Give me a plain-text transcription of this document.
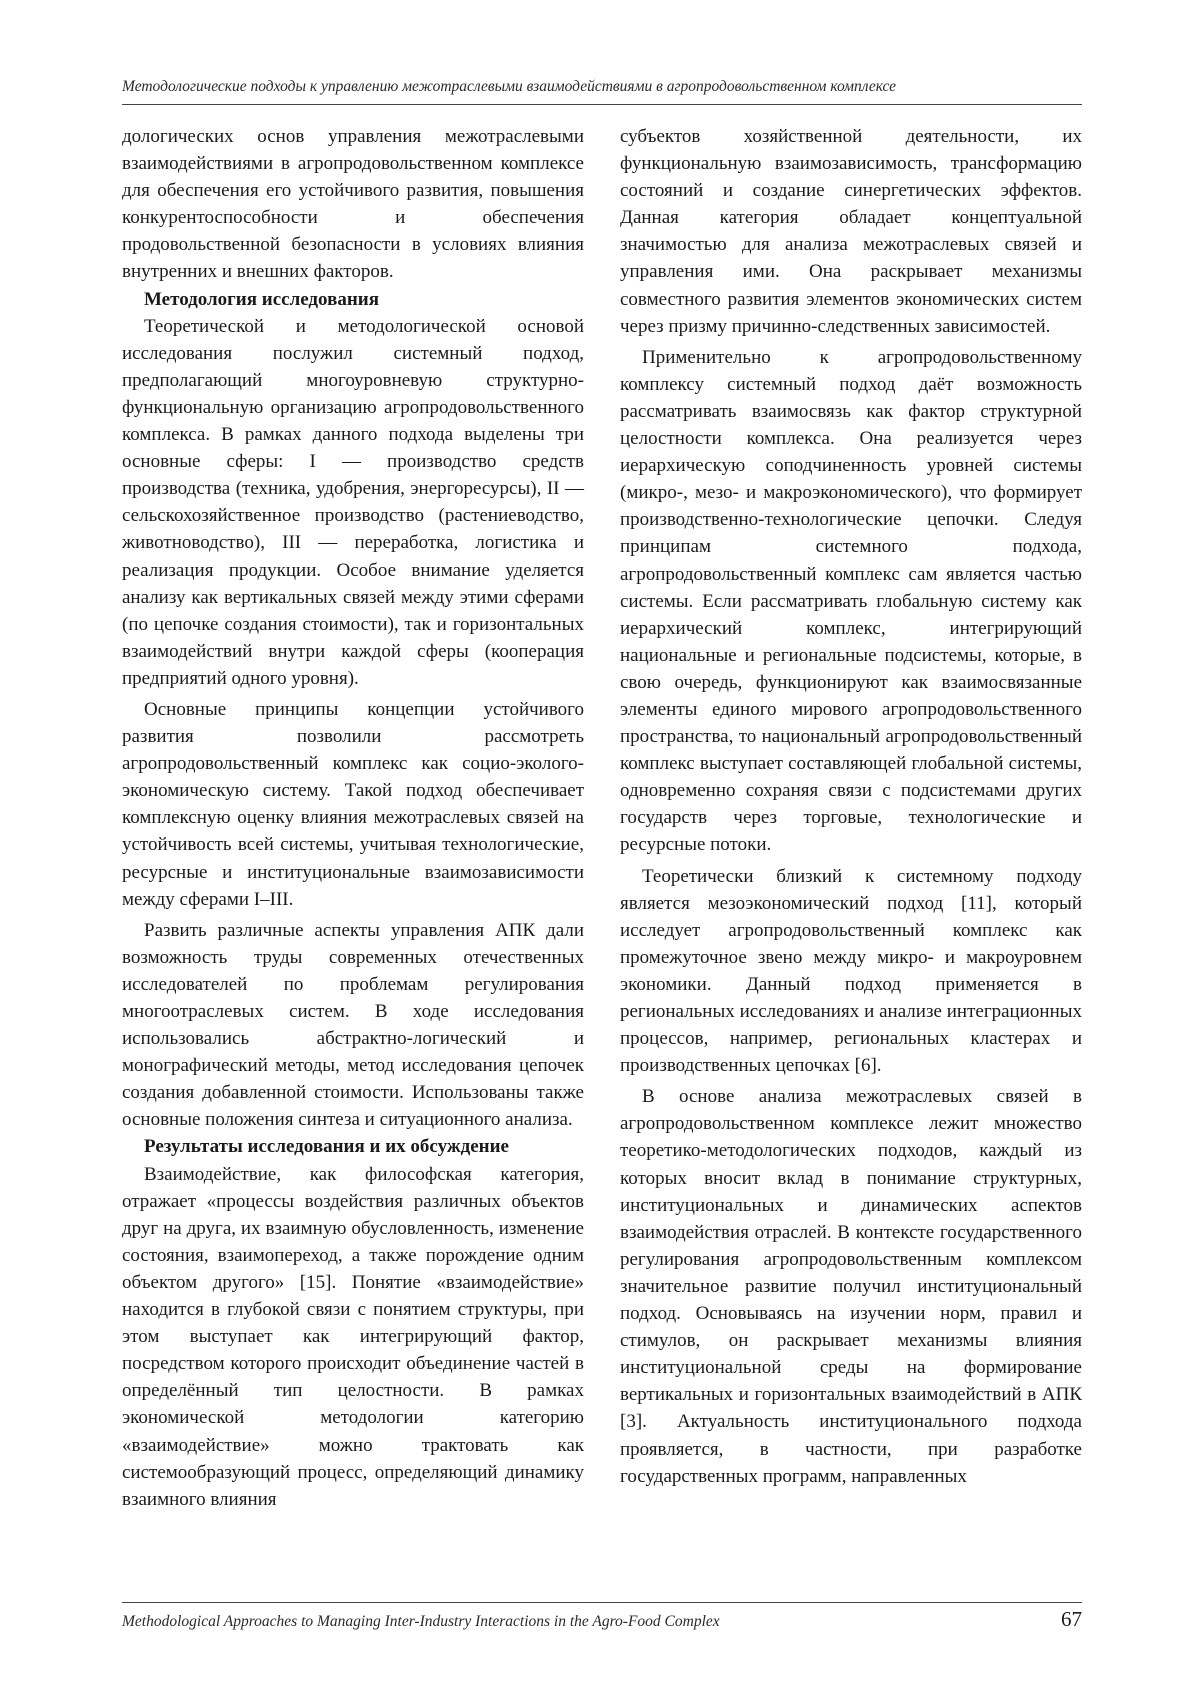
Методологические подходы к управлению межотраслевыми взаимодействиями в агропродовольственном комплексе

дологических основ управления межотраслевыми взаимодействиями в агропродовольственном комплексе для обеспечения его устойчивого развития, повышения конкурентоспособности и обеспечения продовольственной безопасности в условиях влияния внутренних и внешних факторов.

Методология исследования

Теоретической и методологической основой исследования послужил системный подход, предполагающий многоуровневую структурно-функциональную организацию агропродовольственного комплекса. В рамках данного подхода выделены три основные сферы: I — производство средств производства (техника, удобрения, энергоресурсы), II — сельскохозяйственное производство (растениеводство, животноводство), III — переработка, логистика и реализация продукции. Особое внимание уделяется анализу как вертикальных связей между этими сферами (по цепочке создания стоимости), так и горизонтальных взаимодействий внутри каждой сферы (кооперация предприятий одного уровня).

Основные принципы концепции устойчивого развития позволили рассмотреть агропродовольственный комплекс как социо-эколого-экономическую систему. Такой подход обеспечивает комплексную оценку влияния межотраслевых связей на устойчивость всей системы, учитывая технологические, ресурсные и институциональные взаимозависимости между сферами I–III.

Развить различные аспекты управления АПК дали возможность труды современных отечественных исследователей по проблемам регулирования многоотраслевых систем. В ходе исследования использовались абстрактно-логический и монографический методы, метод исследования цепочек создания добавленной стоимости. Использованы также основные положения синтеза и ситуационного анализа.

Результаты исследования и их обсуждение

Взаимодействие, как философская категория, отражает «процессы воздействия различных объектов друг на друга, их взаимную обусловленность, изменение состояния, взаимопереход, а также порождение одним объектом другого» [15]. Понятие «взаимодействие» находится в глубокой связи с понятием структуры, при этом выступает как интегрирующий фактор, посредством которого происходит объединение частей в определённый тип целостности. В рамках экономической методологии категорию «взаимодействие» можно трактовать как системообразующий процесс, определяющий динамику взаимного влияния

субъектов хозяйственной деятельности, их функциональную взаимозависимость, трансформацию состояний и создание синергетических эффектов. Данная категория обладает концептуальной значимостью для анализа межотраслевых связей и управления ими. Она раскрывает механизмы совместного развития элементов экономических систем через призму причинно-следственных зависимостей.

Применительно к агропродовольственному комплексу системный подход даёт возможность рассматривать взаимосвязь как фактор структурной целостности комплекса. Она реализуется через иерархическую соподчиненность уровней системы (микро-, мезо- и макроэкономического), что формирует производственно-технологические цепочки. Следуя принципам системного подхода, агропродовольственный комплекс сам является частью системы. Если рассматривать глобальную систему как иерархический комплекс, интегрирующий национальные и региональные подсистемы, которые, в свою очередь, функционируют как взаимосвязанные элементы единого мирового агропродовольственного пространства, то национальный агропродовольственный комплекс выступает составляющей глобальной системы, одновременно сохраняя связи с подсистемами других государств через торговые, технологические и ресурсные потоки.

Теоретически близкий к системному подходу является мезоэкономический подход [11], который исследует агропродовольственный комплекс как промежуточное звено между микро- и макроуровнем экономики. Данный подход применяется в региональных исследованиях и анализе интеграционных процессов, например, региональных кластерах и производственных цепочках [6].

В основе анализа межотраслевых связей в агропродовольственном комплексе лежит множество теоретико-методологических подходов, каждый из которых вносит вклад в понимание структурных, институциональных и динамических аспектов взаимодействия отраслей. В контексте государственного регулирования агропродовольственным комплексом значительное развитие получил институциональный подход. Основываясь на изучении норм, правил и стимулов, он раскрывает механизмы влияния институциональной среды на формирование вертикальных и горизонтальных взаимодействий в АПК [3]. Актуальность институционального подхода проявляется, в частности, при разработке государственных программ, направленных

Methodological Approaches to Managing Inter-Industry Interactions in the Agro-Food Complex	67
